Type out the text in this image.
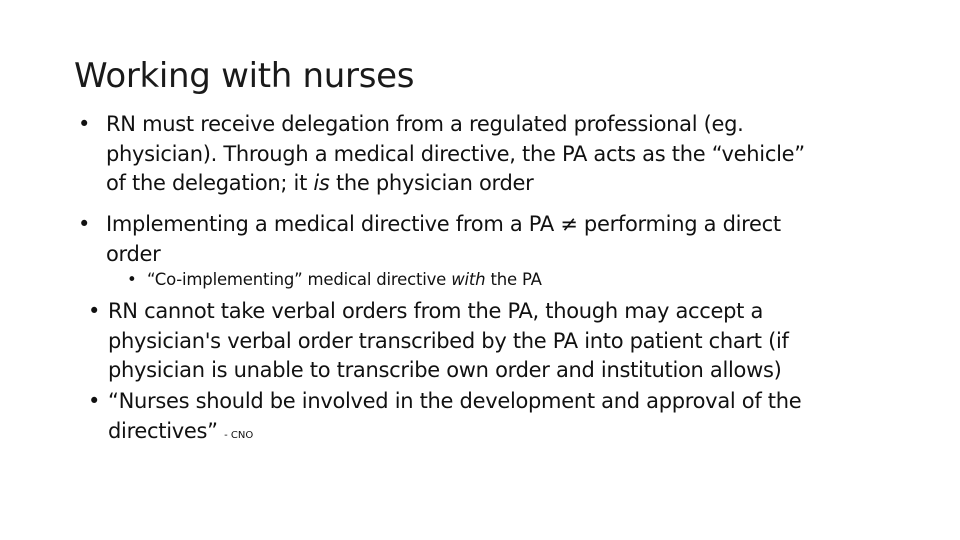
Working with nurses
• RN must receive delegation from a regulated professional (eg.
physician). Through a medical directive, the PA acts as the “vehicle”
of the delegation; it is the physician order
• Implementing a medical directive from a PA ≠ performing a direct
order
• “Co-implementing” medical directive with the PA
• RN cannot take verbal orders from the PA, though may accept a
physician's verbal order transcribed by the PA into patient chart (if
physician is unable to transcribe own order and institution allows)
• “Nurses should be involved in the development and approval of the
directives” - CNO
